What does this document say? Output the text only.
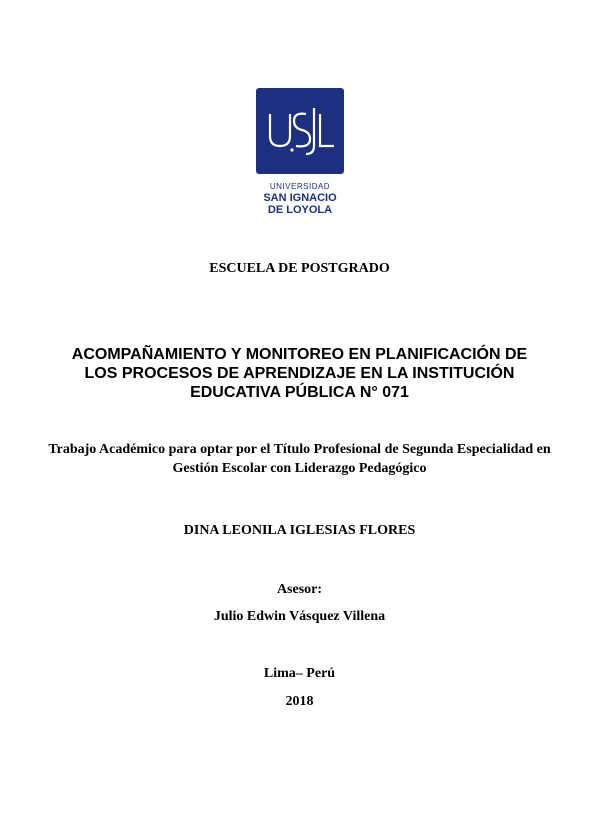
UNIVERSIDAD

SAN IGNACIO

DE LOYOLA

ESCUELA DE POSTGRADO

ACOMPAÑAMIENTO Y MONITOREO EN PLANIFICACIÓN DE LOS PROCESOS DE APRENDIZAJE EN LA INSTITUCIÓN EDUCATIVA PÚBLICA N° 071

Trabajo Académico para optar por el Título Profesional de Segunda Especialidad en Gestión Escolar con Liderazgo Pedagógico

DINA LEONILA IGLESIAS FLORES

Asesor:

Julio Edwin Vásquez Villena

Lima– Perú

2018
